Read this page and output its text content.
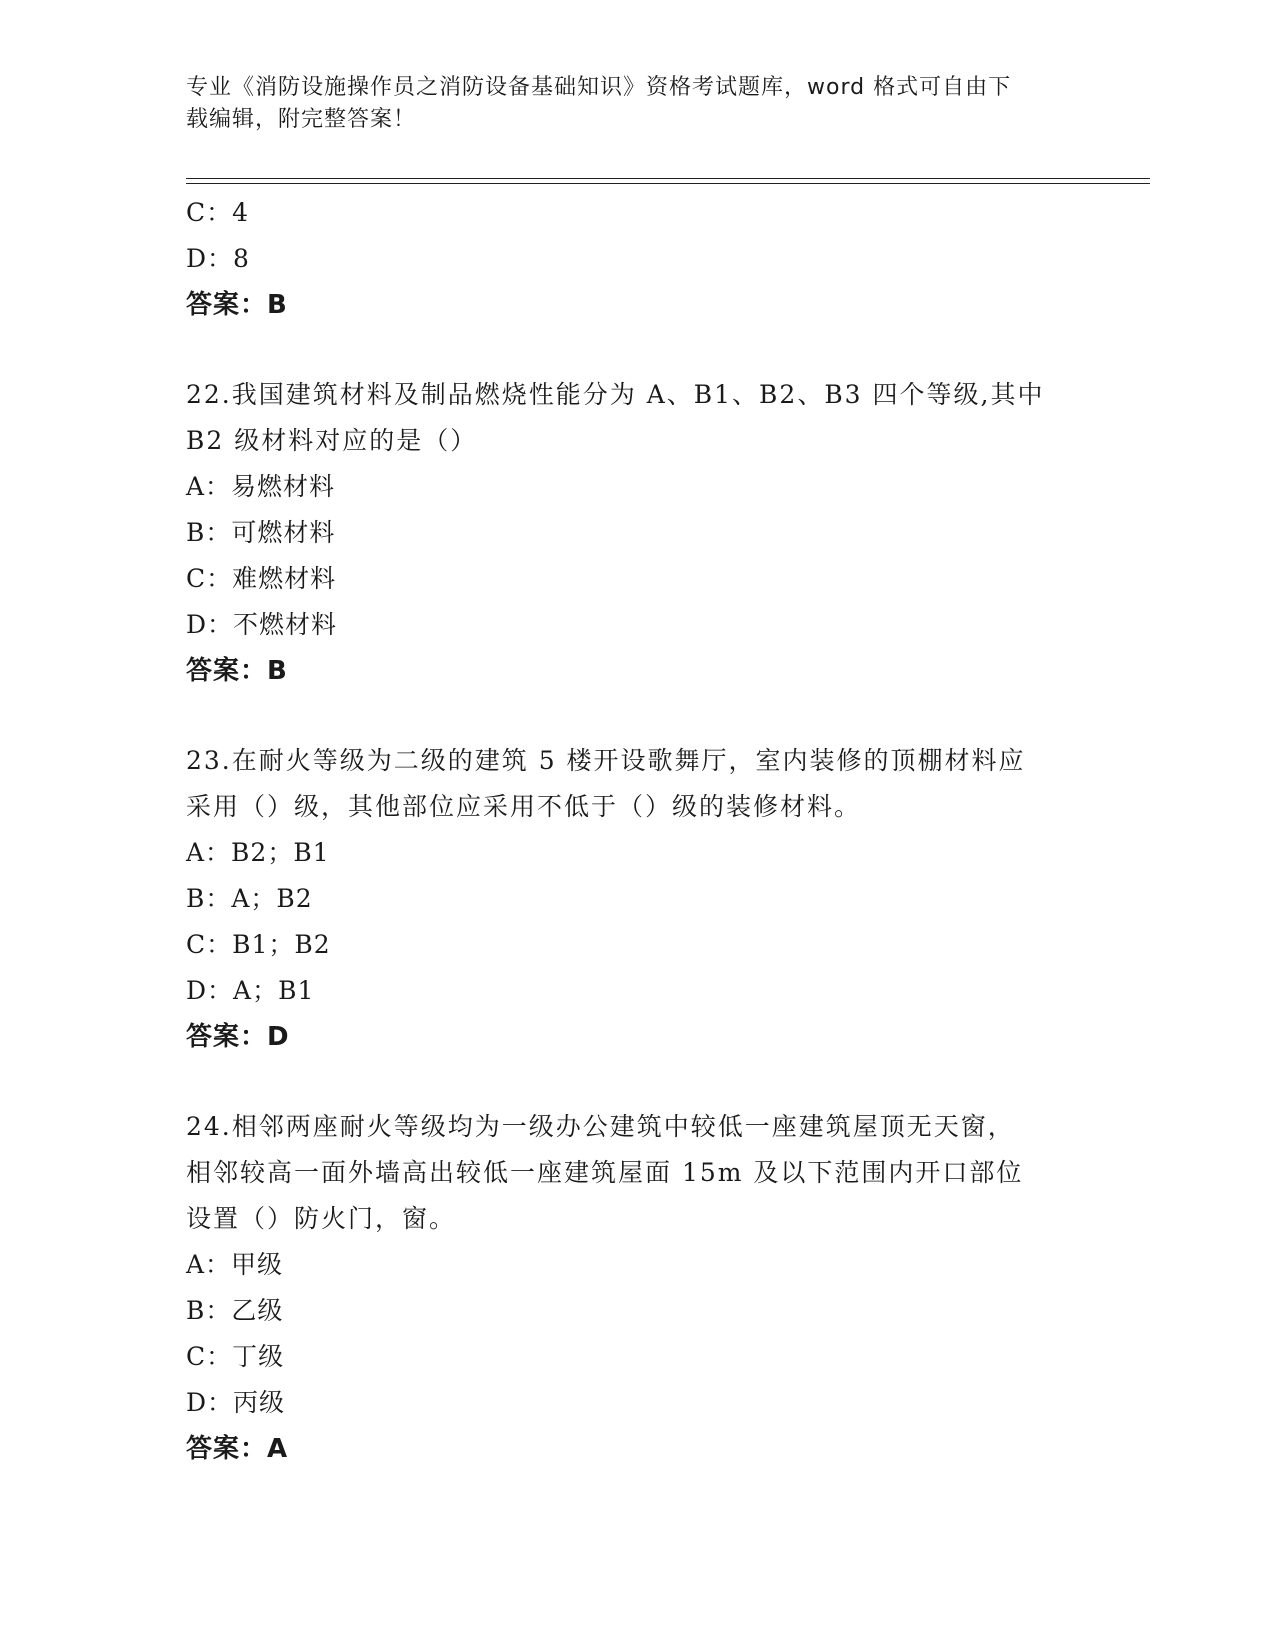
专业《消防设施操作员之消防设备基础知识》资格考试题库，word 格式可自由下
载编辑，附完整答案！
C：4
D：8
答案：B
22.我国建筑材料及制品燃烧性能分为 A、B1、B2、B3 四个等级,其中
B2 级材料对应的是（）
A：易燃材料
B：可燃材料
C：难燃材料
D：不燃材料
答案：B
23.在耐火等级为二级的建筑 5 楼开设歌舞厅，室内装修的顶棚材料应
采用（）级，其他部位应采用不低于（）级的装修材料。
A：B2；B1
B：A；B2
C：B1；B2
D：A；B1
答案：D
24.相邻两座耐火等级均为一级办公建筑中较低一座建筑屋顶无天窗，
相邻较高一面外墙高出较低一座建筑屋面 15m 及以下范围内开口部位
设置（）防火门，窗。
A：甲级
B：乙级
C：丁级
D：丙级
答案：A
